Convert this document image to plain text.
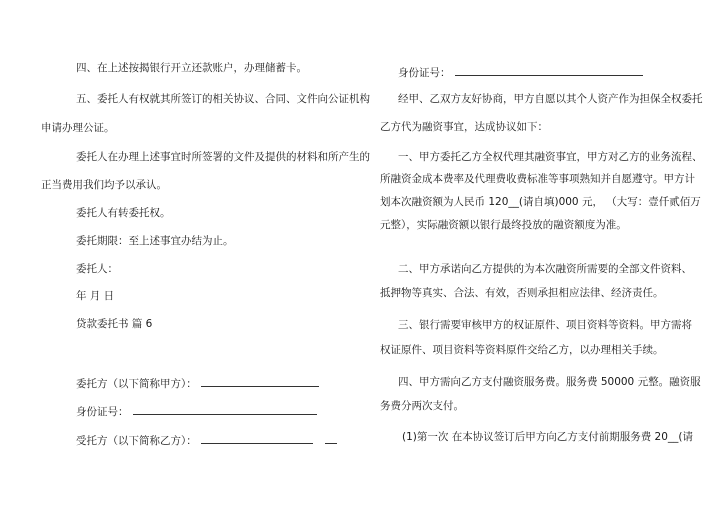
四、在上述按揭银行开立还款账户，办理储蓄卡。
五、委托人有权就其所签订的相关协议、合同、文件向公证机构
申请办理公证。
委托人在办理上述事宜时所签署的文件及提供的材料和所产生的
正当费用我们均予以承认。
委托人有转委托权。
委托期限：至上述事宜办结为止。
委托人：
年 月 日
贷款委托书 篇 6
委托方（以下简称甲方）：
身份证号：
受托方（以下简称乙方）：
身份证号：
经甲、乙双方友好协商，甲方自愿以其个人资产作为担保全权委托
乙方代为融资事宜，达成协议如下：
一、甲方委托乙方全权代理其融资事宜，甲方对乙方的业务流程、
所融资金成本费率及代理费收费标准等事项熟知并自愿遵守。甲方计
划本次融资额为人民币 120__(请自填)000 元， （大写：壹仟贰佰万
元整），实际融资额以银行最终投放的融资额度为准。
二、甲方承诺向乙方提供的为本次融资所需要的全部文件资料、
抵押物等真实、合法、有效，否则承担相应法律、经济责任。
三、银行需要审核甲方的权证原件、项目资料等资料。甲方需将
权证原件、项目资料等资料原件交给乙方，以办理相关手续。
四、甲方需向乙方支付融资服务费。服务费 50000 元整。融资服
务费分两次支付。
(1)第一次 在本协议签订后甲方向乙方支付前期服务费 20__(请
